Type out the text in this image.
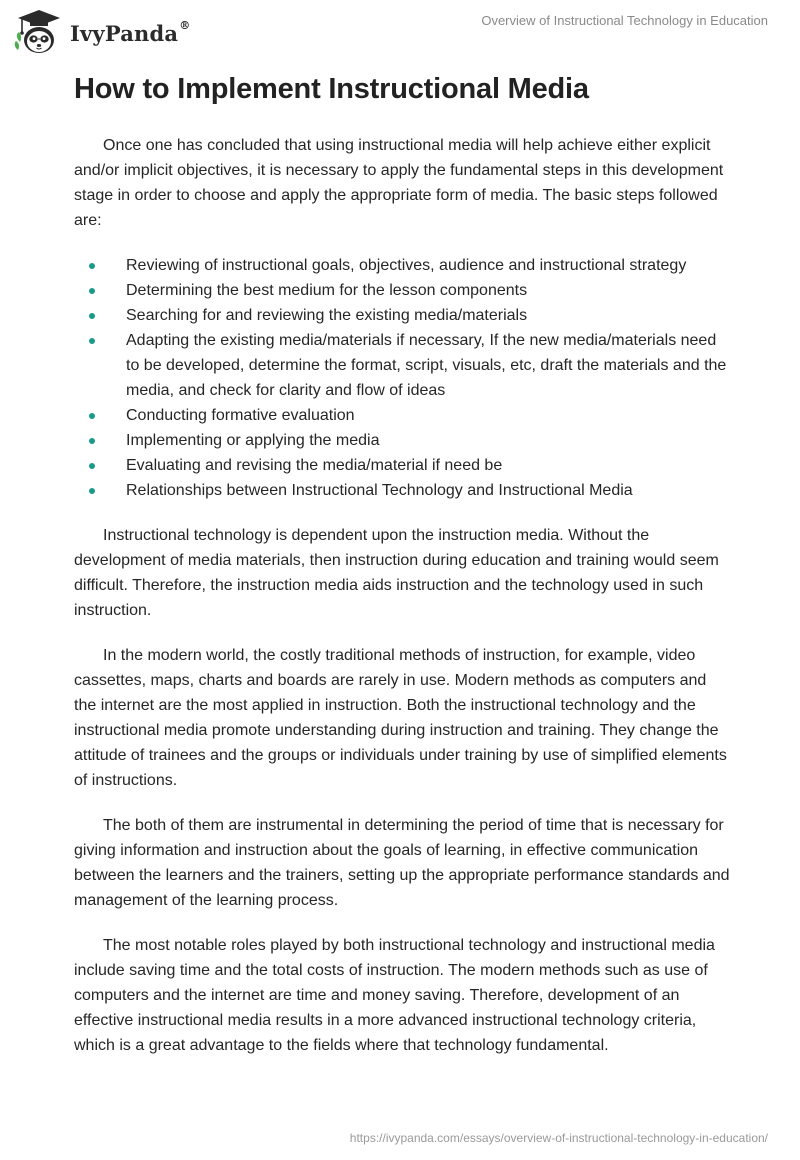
IvyPanda®	Overview of Instructional Technology in Education
How to Implement Instructional Media

Once one has concluded that using instructional media will help achieve either explicit and/or implicit objectives, it is necessary to apply the fundamental steps in this development stage in order to choose and apply the appropriate form of media. The basic steps followed are:

Reviewing of instructional goals, objectives, audience and instructional strategy
Determining the best medium for the lesson components
Searching for and reviewing the existing media/materials
Adapting the existing media/materials if necessary, If the new media/materials need to be developed, determine the format, script, visuals, etc, draft the materials and the media, and check for clarity and flow of ideas
Conducting formative evaluation
Implementing or applying the media
Evaluating and revising the media/material if need be
Relationships between Instructional Technology and Instructional Media

Instructional technology is dependent upon the instruction media. Without the development of media materials, then instruction during education and training would seem difficult. Therefore, the instruction media aids instruction and the technology used in such instruction.

In the modern world, the costly traditional methods of instruction, for example, video cassettes, maps, charts and boards are rarely in use. Modern methods as computers and the internet are the most applied in instruction. Both the instructional technology and the instructional media promote understanding during instruction and training. They change the attitude of trainees and the groups or individuals under training by use of simplified elements of instructions.

The both of them are instrumental in determining the period of time that is necessary for giving information and instruction about the goals of learning, in effective communication between the learners and the trainers, setting up the appropriate performance standards and management of the learning process.

The most notable roles played by both instructional technology and instructional media include saving time and the total costs of instruction. The modern methods such as use of computers and the internet are time and money saving. Therefore, development of an effective instructional media results in a more advanced instructional technology criteria, which is a great advantage to the fields where that technology fundamental.

https://ivypanda.com/essays/overview-of-instructional-technology-in-education/
